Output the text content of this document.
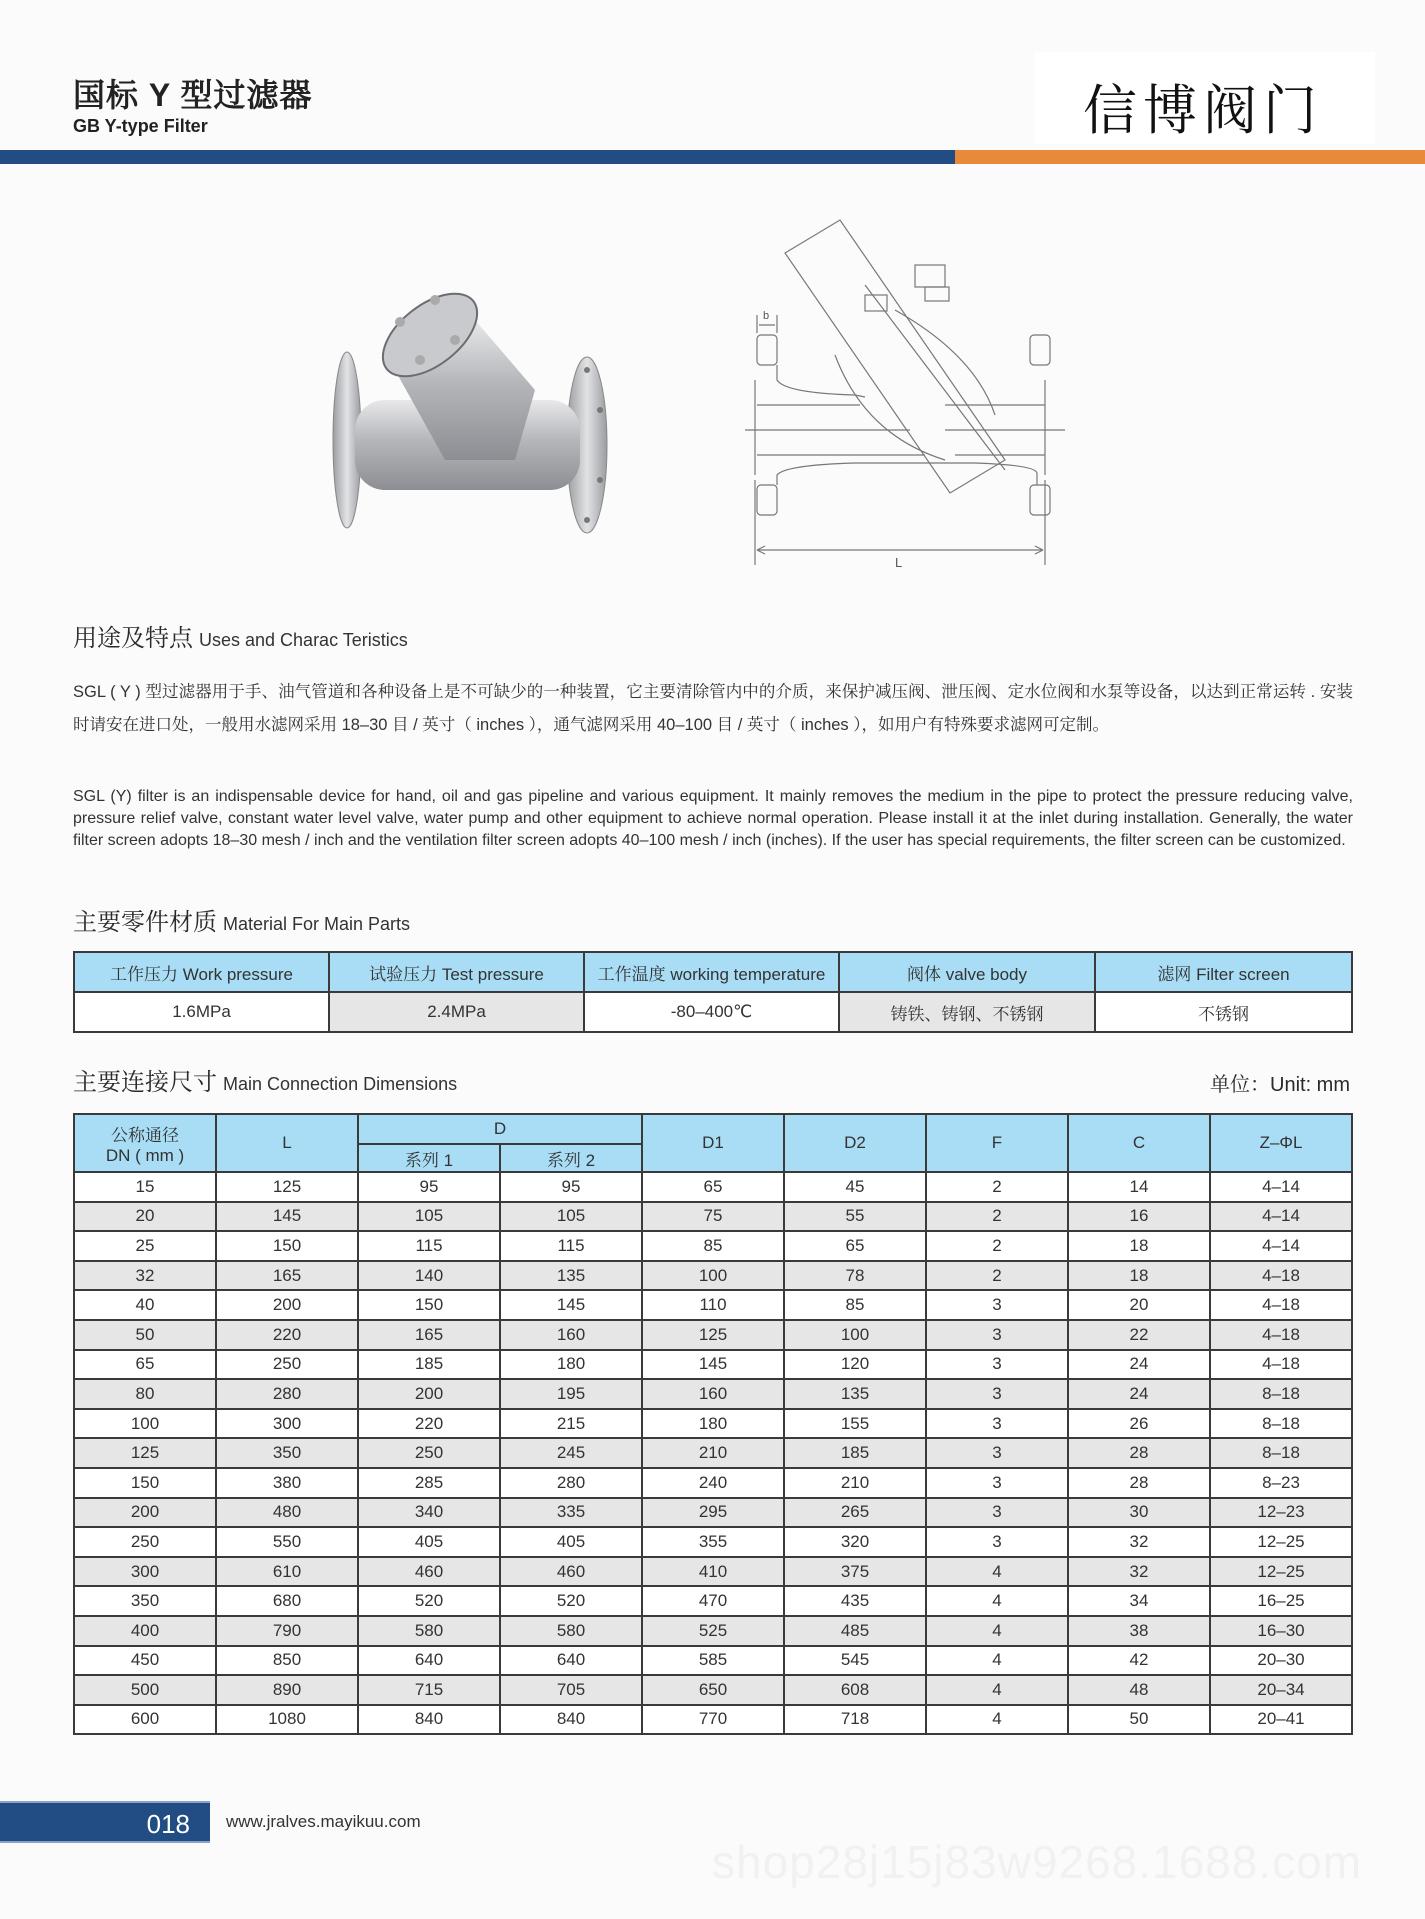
国标 Y 型过滤器
GB Y-type Filter	信博阀门
b
L
用途及特点 Uses and Charac Teristics
SGL ( Y ) 型过滤器用于手、油气管道和各种设备上是不可缺少的一种装置，它主要清除管内中的介质，来保护减压阀、泄压阀、定水位阀和水泵等设备，以达到正常运转 . 安装时请安在进口处，一般用水滤网采用 18–30 目 / 英寸（ inches ），通气滤网采用 40–100 目 / 英寸（ inches ），如用户有特殊要求滤网可定制。
SGL (Y) filter is an indispensable device for hand, oil and gas pipeline and various equipment. It mainly removes the medium in the pipe to protect the pressure reducing valve, pressure relief valve, constant water level valve, water pump and other equipment to achieve normal operation. Please install it at the inlet during installation. Generally, the water filter screen adopts 18–30 mesh / inch and the ventilation filter screen adopts 40–100 mesh / inch (inches). If the user has special requirements, the filter screen can be customized.
主要零件材质 Material For Main Parts
工作压力 Work pressure	试验压力 Test pressure	工作温度 working temperature	阀体 valve body	滤网 Filter screen
1.6MPa	2.4MPa	-80–400℃	铸铁、铸钢、不锈钢	不锈钢
主要连接尺寸 Main Connection Dimensions	单位：Unit: mm
公称通径
DN ( mm )	L	D		D1	D2	F	C	Z–ΦL
		系列 1	系列 2					
15	125	95	95	65	45	2	14	4–14
20	145	105	105	75	55	2	16	4–14
25	150	115	115	85	65	2	18	4–14
32	165	140	135	100	78	2	18	4–18
40	200	150	145	110	85	3	20	4–18
50	220	165	160	125	100	3	22	4–18
65	250	185	180	145	120	3	24	4–18
80	280	200	195	160	135	3	24	8–18
100	300	220	215	180	155	3	26	8–18
125	350	250	245	210	185	3	28	8–18
150	380	285	280	240	210	3	28	8–23
200	480	340	335	295	265	3	30	12–23
250	550	405	405	355	320	3	32	12–25
300	610	460	460	410	375	4	32	12–25
350	680	520	520	470	435	4	34	16–25
400	790	580	580	525	485	4	38	16–30
450	850	640	640	585	545	4	42	20–30
500	890	715	705	650	608	4	48	20–34
600	1080	840	840	770	718	4	50	20–41
018 www.jralves.mayikuu.com
shop28j15j83w9268.1688.com
